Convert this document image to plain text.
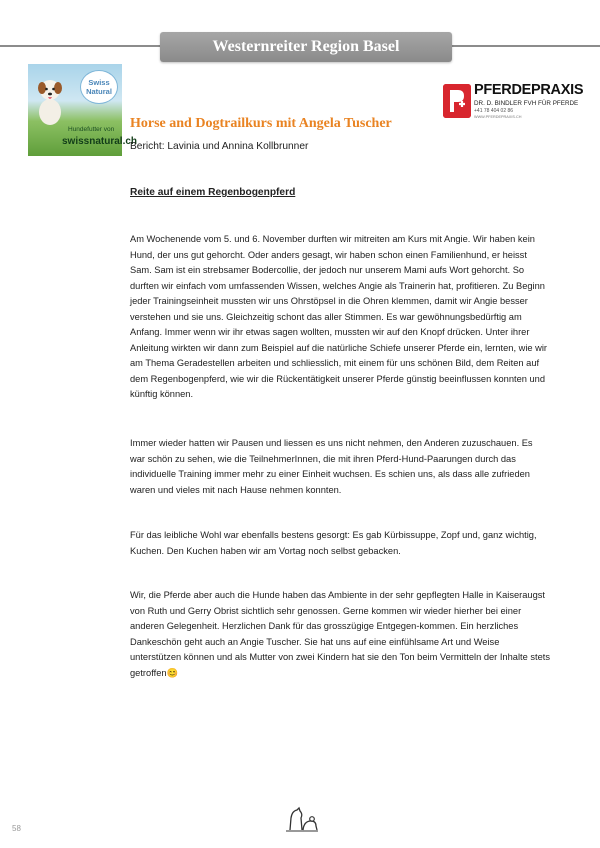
Westernreiter Region Basel
Swiss
Natural
Hundefutter von
swissnatural.ch
PFERDEPRAXIS
DR. D. BINDLER FVH FÜR PFERDE
+41 78 404 02 86
WWW.PFERDEPRAXIS.CH
Horse and Dogtrailkurs mit Angela Tuscher
Bericht: Lavinia und Annina Kollbrunner
Reite auf einem Regenbogenpferd

Am Wochenende vom 5. und 6. November durften wir mitreiten am Kurs mit Angie. Wir haben kein Hund, der uns gut gehorcht. Oder anders gesagt, wir haben schon einen Familienhund, er heisst Sam. Sam ist ein strebsamer Bodercollie, der jedoch nur unserem Mami aufs Wort gehorcht. So durften wir einfach vom umfassenden Wissen, welches Angie als Trainerin hat, profitieren. Zu Beginn jeder Trainingseinheit mussten wir uns Ohrstöpsel in die Ohren klemmen, damit wir Angie besser verstehen und sie uns. Gleichzeitig schont das aller Stimmen. Es war gewöhnungsbedürftig am Anfang. Immer wenn wir ihr etwas sagen wollten, mussten wir auf den Knopf drücken. Unter ihrer Anleitung wirkten wir dann zum Beispiel auf die natürliche Schiefe unserer Pferde ein, lernten, wie wir am Thema Geradestellen arbeiten und schliesslich, mit einem für uns schönen Bild, dem Reiten auf dem Regenbogenpferd, wie wir die Rückentätigkeit unserer Pferde günstig beeinflussen konnten und künftig können.

Immer wieder hatten wir Pausen und liessen es uns nicht nehmen, den Anderen zuzuschauen. Es war schön zu sehen, wie die TeilnehmerInnen, die mit ihren Pferd-Hund-Paarungen durch das individuelle Training immer mehr zu einer Einheit wuchsen. Es schien uns, als dass alle zufrieden waren und vieles mit nach Hause nehmen konnten.

Für das leibliche Wohl war ebenfalls bestens gesorgt: Es gab Kürbissuppe, Zopf und, ganz wichtig, Kuchen. Den Kuchen haben wir am Vortag noch selbst gebacken.

Wir, die Pferde aber auch die Hunde haben das Ambiente in der sehr gepflegten Halle in Kaiseraugst von Ruth und Gerry Obrist sichtlich sehr genossen. Gerne kommen wir wieder hierher bei einer anderen Gelegenheit. Herzlichen Dank für das grosszügige Entgegen-kommen. Ein herzliches Dankeschön geht auch an Angie Tuscher. Sie hat uns auf eine einfühlsame Art und Weise unterstützen können und als Mutter von zwei Kindern hat sie den Ton beim Vermitteln der Inhalte stets getroffen😊

58
